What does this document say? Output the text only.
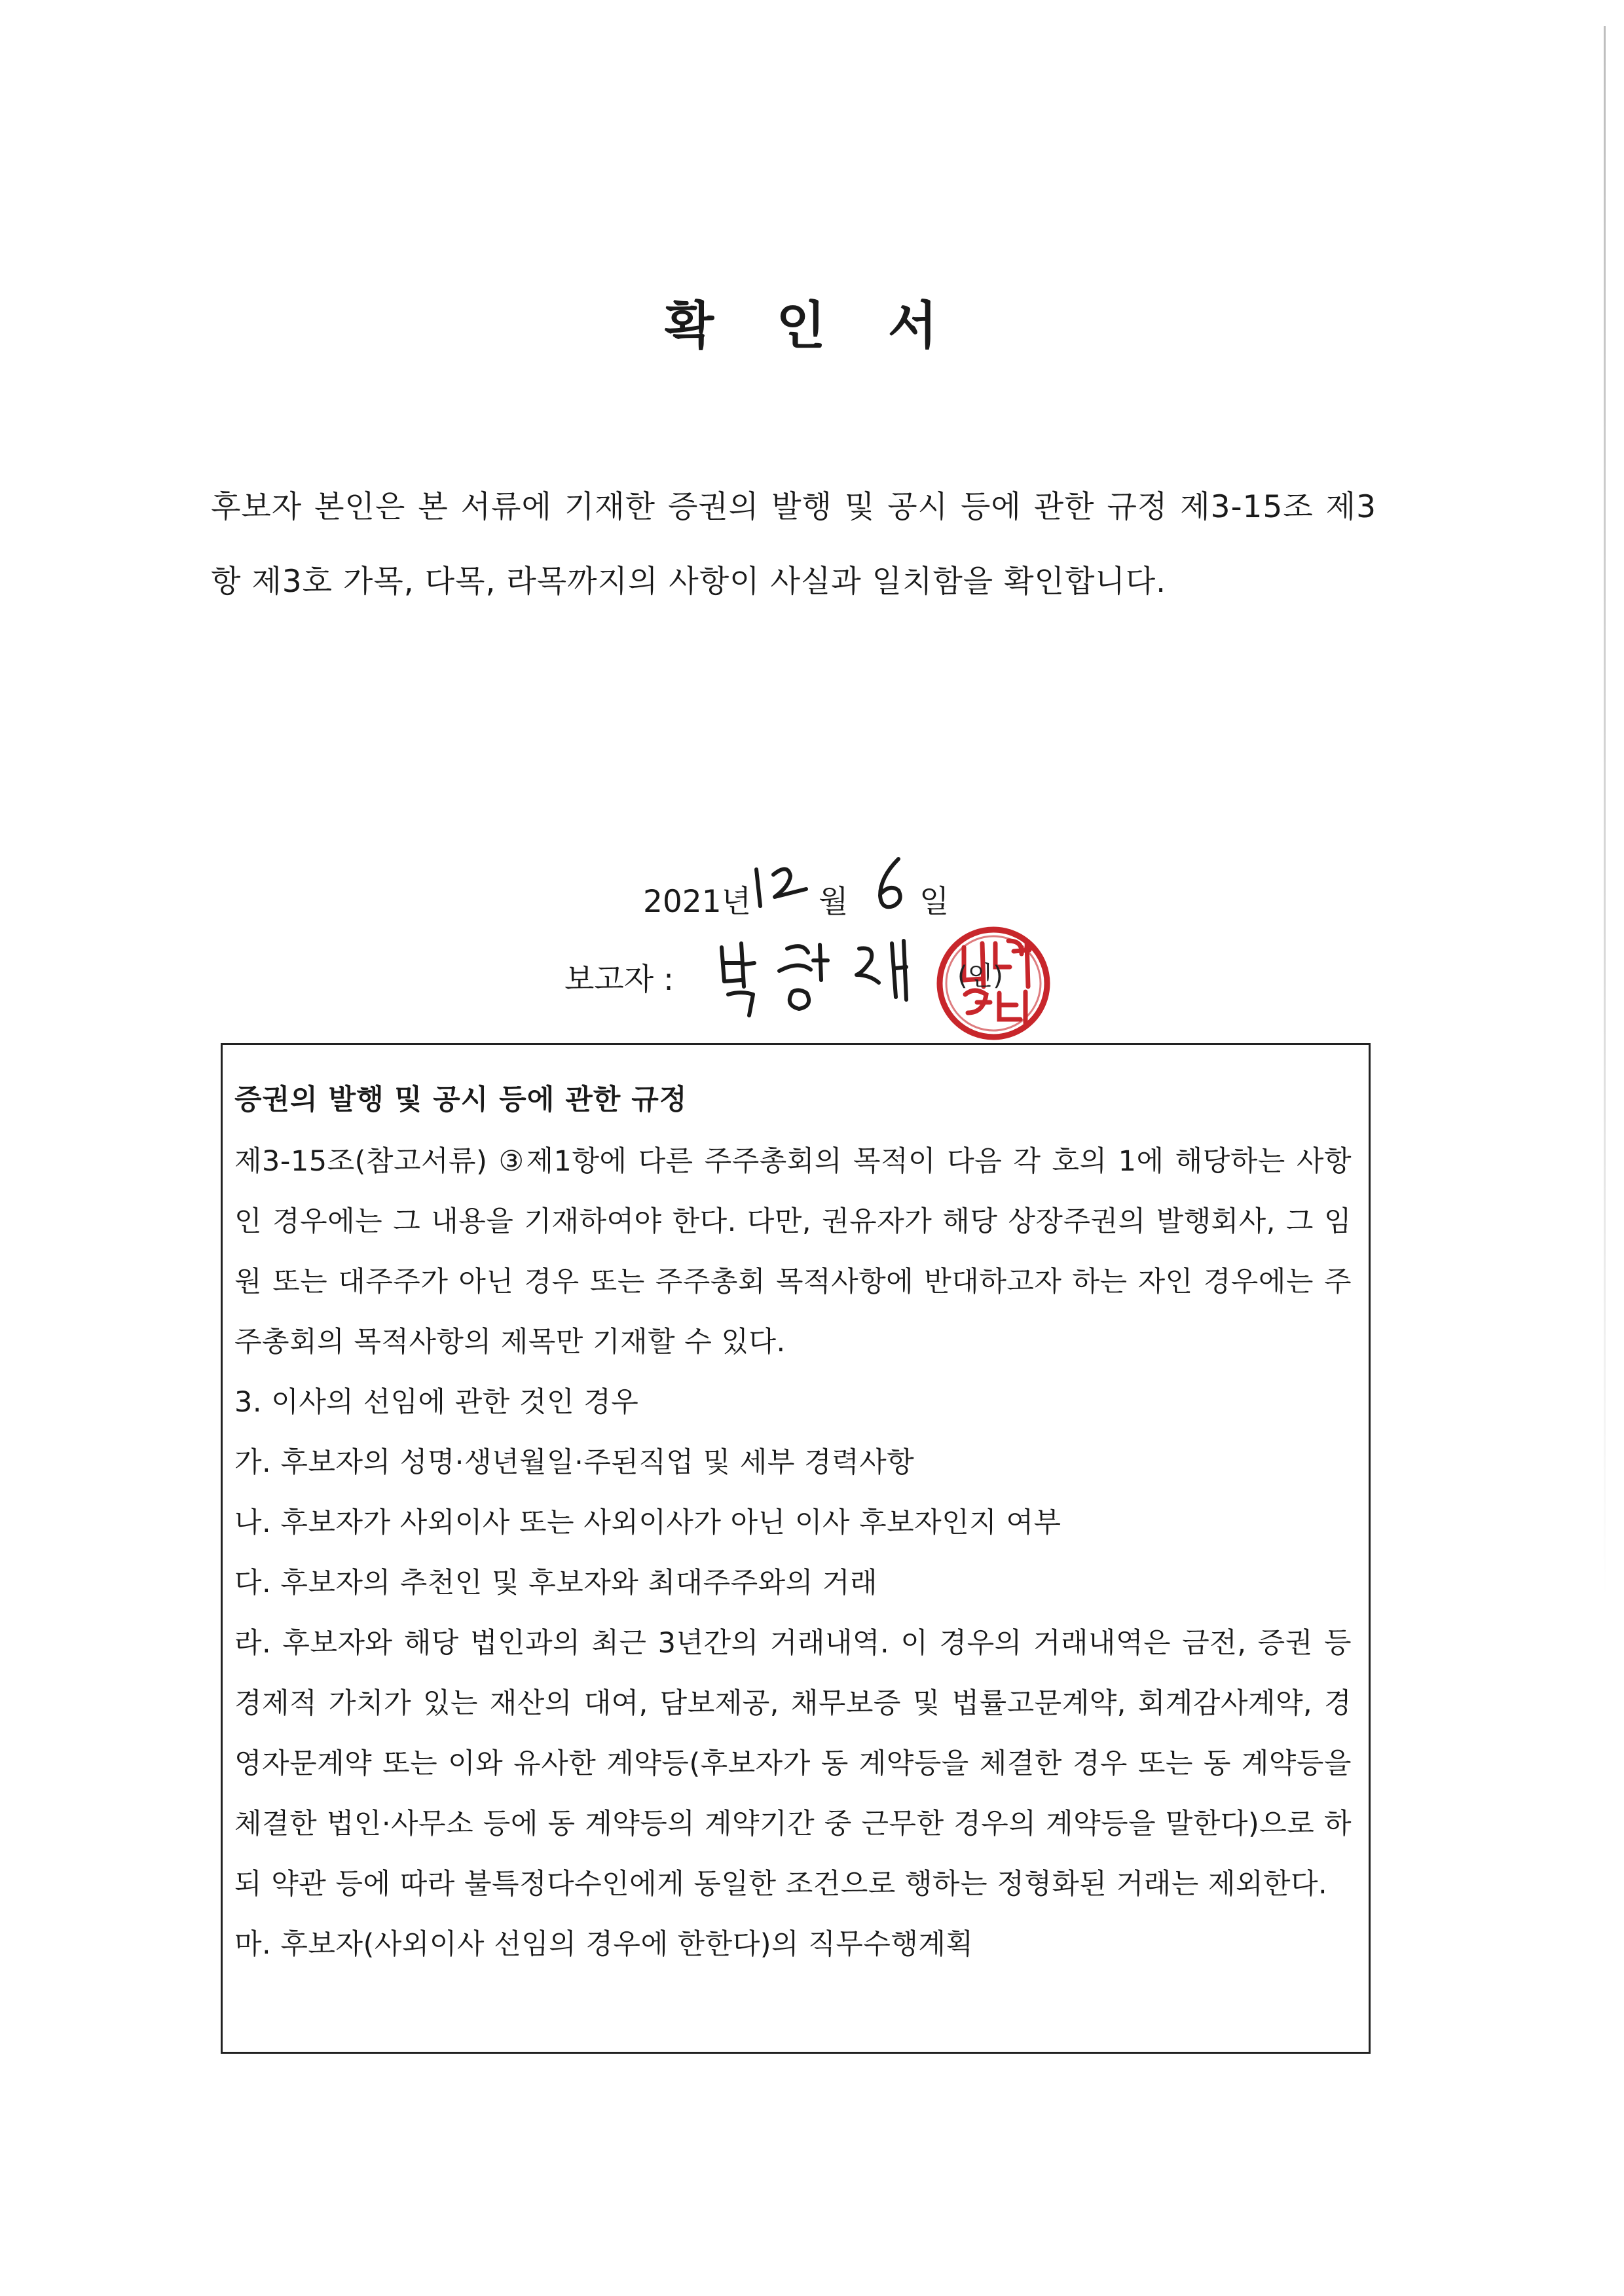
확 인 서

후보자 본인은 본 서류에 기재한 증권의 발행 및 공시 등에 관한 규정 제3-15조 제3항 제3호 가목, 다목, 라목까지의 사항이 사실과 일치함을 확인합니다.

2021년
12
월
6
일
보고자 :
박영례
(인)

증권의 발행 및 공시 등에 관한 규정

제3-15조(참고서류) ③제1항에 다른 주주총회의 목적이 다음 각 호의 1에 해당하는 사항인 경우에는 그 내용을 기재하여야 한다. 다만, 권유자가 해당 상장주권의 발행회사, 그 임원 또는 대주주가 아닌 경우 또는 주주총회 목적사항에 반대하고자 하는 자인 경우에는 주주총회의 목적사항의 제목만 기재할 수 있다.

3. 이사의 선임에 관한 것인 경우

가. 후보자의 성명·생년월일·주된직업 및 세부 경력사항

나. 후보자가 사외이사 또는 사외이사가 아닌 이사 후보자인지 여부

다. 후보자의 추천인 및 후보자와 최대주주와의 거래

라. 후보자와 해당 법인과의 최근 3년간의 거래내역. 이 경우의 거래내역은 금전, 증권 등 경제적 가치가 있는 재산의 대여, 담보제공, 채무보증 및 법률고문계약, 회계감사계약, 경영자문계약 또는 이와 유사한 계약등(후보자가 동 계약등을 체결한 경우 또는 동 계약등을 체결한 법인·사무소 등에 동 계약등의 계약기간 중 근무한 경우의 계약등을 말한다)으로 하되 약관 등에 따라 불특정다수인에게 동일한 조건으로 행하는 정형화된 거래는 제외한다.

마. 후보자(사외이사 선임의 경우에 한한다)의 직무수행계획
